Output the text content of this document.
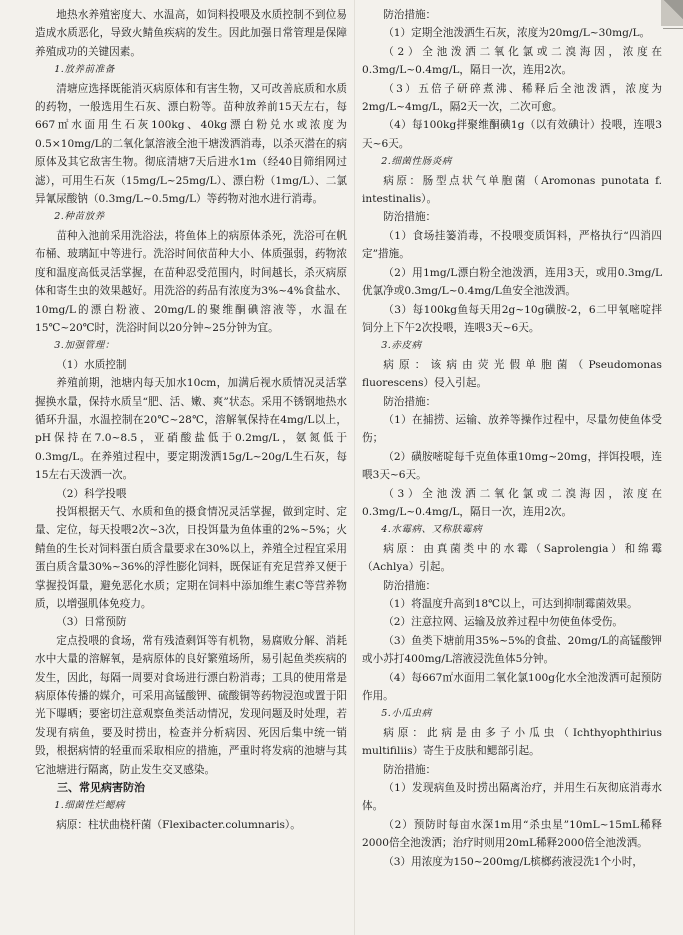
地热水养殖密度大、水温高，如饲料投喂及水质控制不到位易造成水质恶化，导致火鲭鱼疾病的发生。因此加强日常管理是保障养殖成功的关键因素。

1.放养前准备

清塘应选择既能消灭病原体和有害生物，又可改善底质和水质的药物，一般选用生石灰、漂白粉等。苗种放养前15天左右，每667㎡水面用生石灰100kg、40kg漂白粉兑水或浓度为0.5×10mg/L的二氧化氯溶液全池干塘泼洒消毒，以杀灭潜在的病原体及其它敌害生物。彻底清塘7天后进水1m（经40目筛绢网过滤），可用生石灰（15mg/L~25mg/L）、漂白粉（1mg/L）、二氯异氰尿酸钠（0.3mg/L~0.5mg/L）等药物对池水进行消毒。

2.种苗放养

苗种入池前采用洗浴法，将鱼体上的病原体杀死，洗浴可在帆布桶、玻璃缸中等进行。洗浴时间依苗种大小、体质强弱，药物浓度和温度高低灵活掌握，在苗种忍受范围内，时间越长，杀灭病原体和寄生虫的效果越好。用洗浴的药品有浓度为3%~4%食盐水、10mg/L的漂白粉液、20mg/L的聚维酮碘溶液等，水温在15℃~20℃时，洗浴时间以20分钟~25分钟为宜。

3.加强管理：

（1）水质控制

养殖前期，池塘内每天加水10cm，加满后视水质情况灵活掌握换水量，保持水质呈“肥、活、嫩、爽”状态。采用不锈钢地热水循环升温，水温控制在20℃~28℃，溶解氧保持在4mg/L以上，pH保持在7.0~8.5，亚硝酸盐低于0.2mg/L，氨氮低于0.3mg/L。在养殖过程中，要定期泼洒15g/L~20g/L生石灰，每15左右天泼洒一次。

（2）科学投喂

投饵根据天气、水质和鱼的摄食情况灵活掌握，做到定时、定量、定位，每天投喂2次~3次，日投饵量为鱼体重的2%~5%；火鲭鱼的生长对饲料蛋白质含量要求在30%以上，养殖全过程宜采用蛋白质含量30%~36%的浮性膨化饲料，既保证有充足营养又便于掌握投饵量，避免恶化水质；定期在饲料中添加维生素C等营养物质，以增强肌体免疫力。

（3）日常预防

定点投喂的食场，常有残渣剩饵等有机物，易腐败分解、消耗水中大量的溶解氧，是病原体的良好繁殖场所，易引起鱼类疾病的发生，因此，每隔一周要对食场进行漂白粉消毒；工具的使用常是病原体传播的媒介，可采用高锰酸钾、硫酸铜等药物浸泡或置于阳光下曝晒；要密切注意观察鱼类活动情况，发现问题及时处理，若发现有病鱼，要及时捞出，检查并分析病因、死因后集中统一销毁，根据病情的轻重而采取相应的措施，严重时将发病的池塘与其它池塘进行隔离，防止发生交叉感染。

三、常见病害防治

1.细菌性烂鳃病

病原：柱状曲桡杆菌（Flexibacter.columnaris）。

防治措施：

（1）定期全池泼洒生石灰，浓度为20mg/L~30mg/L。

（2）全池泼洒二氧化氯或二溴海因，浓度在0.3mg/L~0.4mg/L，隔日一次，连用2次。

（3）五倍子研碎煮沸、稀释后全池泼洒，浓度为2mg/L~4mg/L，隔2天一次，二次可愈。

（4）每100kg拌聚维酮碘1g（以有效碘计）投喂，连喂3天~6天。

2.细菌性肠炎病

病原：肠型点状气单胞菌（Aromonas punotata f. intestinalis）。

防治措施：

（1）食场挂篓消毒，不投喂变质饵料，严格执行“四消四定”措施。

（2）用1mg/L漂白粉全池泼洒，连用3天，或用0.3mg/L优氯净或0.3mg/L~0.4mg/L鱼安全池泼洒。

（3）每100kg鱼每天用2g~10g磺胺-2，6二甲氧嘧啶拌饲分上下午2次投喂，连喂3天~6天。

3.赤皮病

病原：该病由荧光假单胞菌（Pseudomonas fluorescens）侵入引起。

防治措施：

（1）在捕捞、运输、放养等操作过程中，尽量勿使鱼体受伤；

（2）磺胺嘧啶每千克鱼体重10mg~20mg，拌饵投喂，连喂3天~6天。

（3）全池泼洒二氧化氯或二溴海因，浓度在0.3mg/L~0.4mg/L，隔日一次，连用2次。

4.水霉病、又称肤霉病

病原：由真菌类中的水霉（Saprolengia）和绵霉（Achlya）引起。

防治措施：

（1）将温度升高到18℃以上，可达到抑制霉菌效果。

（2）注意拉网、运输及放养过程中勿使鱼体受伤。

（3）鱼类下塘前用35%~5%的食盐、20mg/L的高锰酸钾或小苏打400mg/L溶液浸洗鱼体5分钟。

（4）每667㎡水面用二氧化氯100g化水全池泼洒可起预防作用。

5.小瓜虫病

病原：此病是由多子小瓜虫（Ichthyophthirius multifiliis）寄生于皮肤和鳃部引起。

防治措施：

（1）发现病鱼及时捞出隔离治疗，并用生石灰彻底消毒水体。

（2）预防时每亩水深1m用“杀虫星”10mL~15mL稀释2000倍全池泼洒；治疗时则用20mL稀释2000倍全池泼洒。

（3）用浓度为150~200mg/L槟榔药液浸洗1个小时，
